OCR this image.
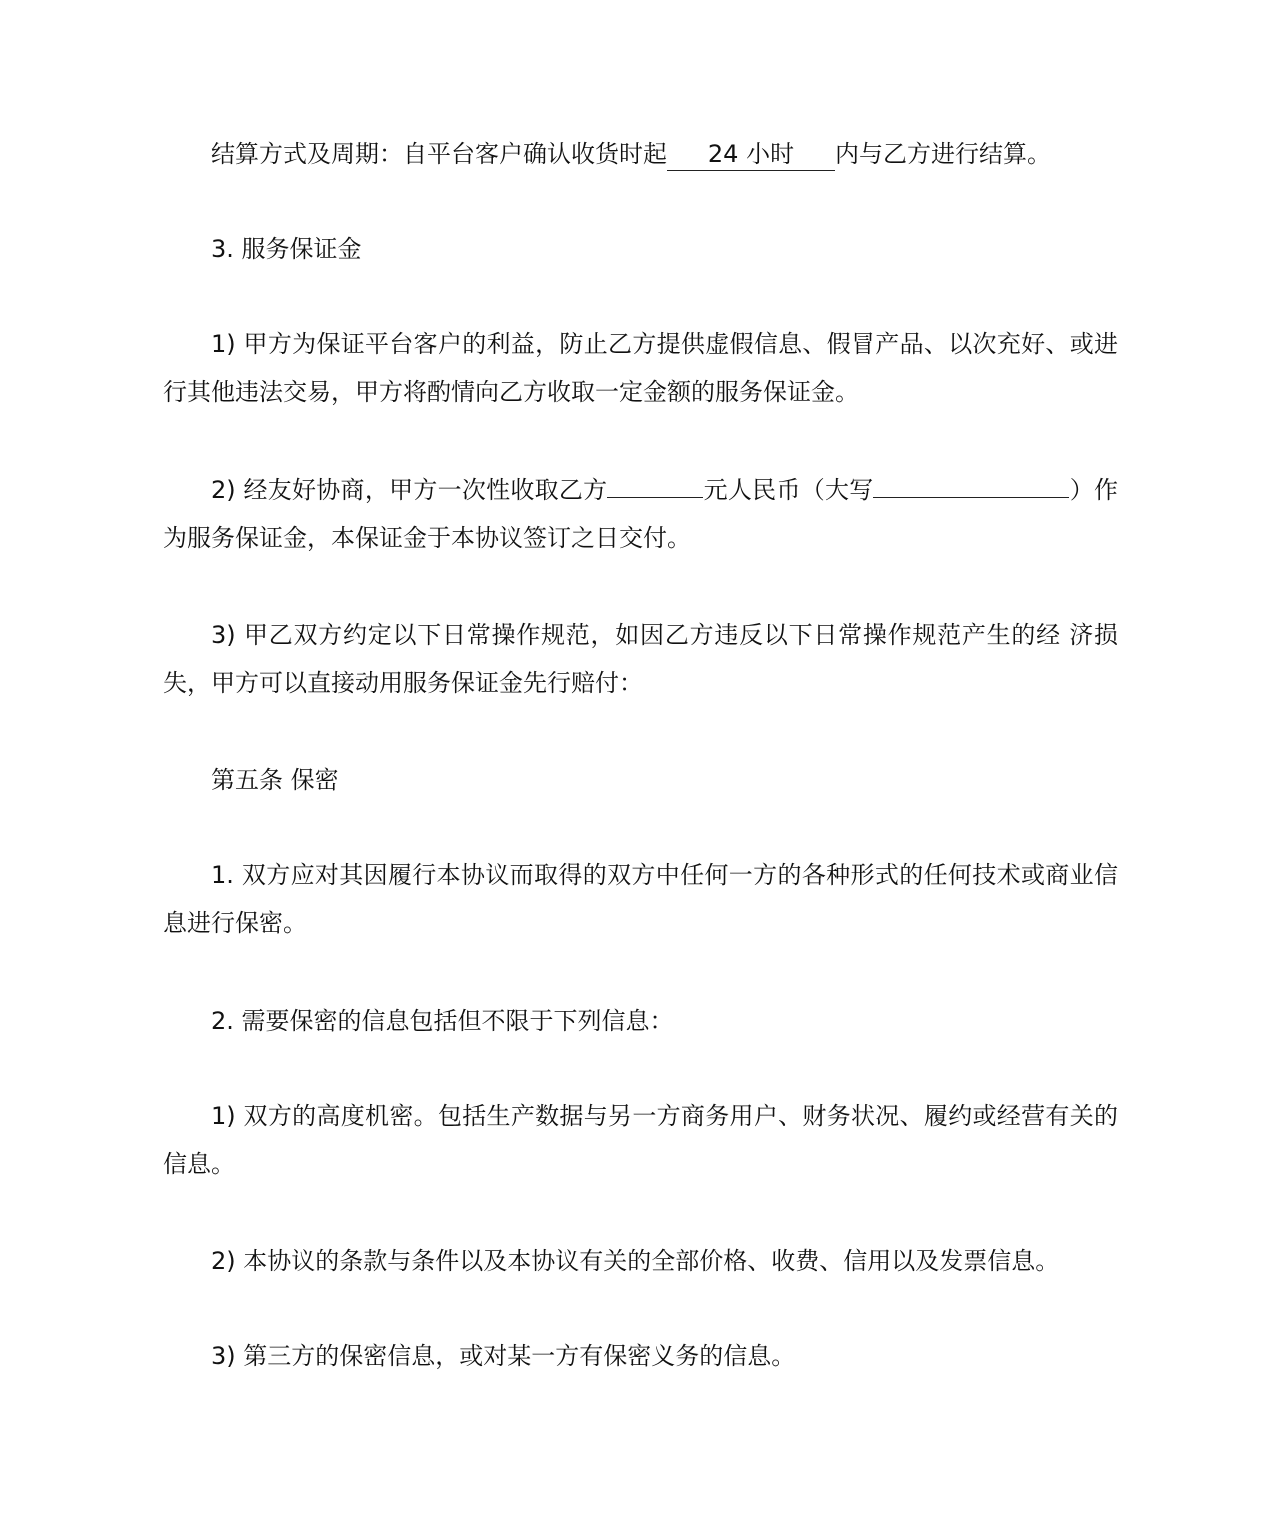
结算方式及周期：自平台客户确认收货时起 24 小时 内与乙方进行结算。

3. 服务保证金

1) 甲方为保证平台客户的利益，防止乙方提供虚假信息、假冒产品、以次充好、或进行其他违法交易，甲方将酌情向乙方收取一定金额的服务保证金。

2) 经友好协商，甲方一次性收取乙方	元人民币（大写	）作为服务保证金，本保证金于本协议签订之日交付。

3) 甲乙双方约定以下日常操作规范，如因乙方违反以下日常操作规范产生的经 济损失，甲方可以直接动用服务保证金先行赔付：

第五条 保密

1. 双方应对其因履行本协议而取得的双方中任何一方的各种形式的任何技术或商业信息进行保密。

2. 需要保密的信息包括但不限于下列信息：

1) 双方的高度机密。包括生产数据与另一方商务用户、财务状况、履约或经营有关的信息。

2) 本协议的条款与条件以及本协议有关的全部价格、收费、信用以及发票信息。

3) 第三方的保密信息，或对某一方有保密义务的信息。
